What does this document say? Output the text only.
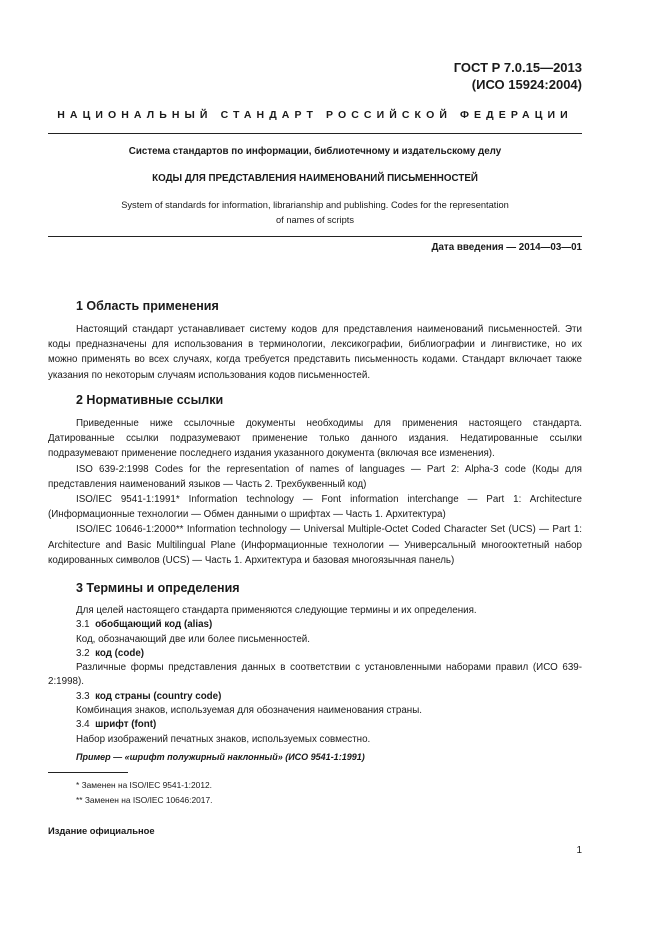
ГОСТ Р 7.0.15—2013
(ИСО 15924:2004)
НАЦИОНАЛЬНЫЙ СТАНДАРТ РОССИЙСКОЙ ФЕДЕРАЦИИ
Система стандартов по информации, библиотечному и издательскому делу
КОДЫ ДЛЯ ПРЕДСТАВЛЕНИЯ НАИМЕНОВАНИЙ ПИСЬМЕННОСТЕЙ
System of standards for information, librarianship and publishing. Codes for the representation
of names of scripts
Дата введения — 2014—03—01
1 Область применения

Настоящий стандарт устанавливает систему кодов для представления наименований письменностей. Эти коды предназначены для использования в терминологии, лексикографии, библиографии и лингвистике, но их можно применять во всех случаях, когда требуется представить письменность кодами. Стандарт включает также указания по некоторым случаям использования кодов письменностей.

2 Нормативные ссылки

Приведенные ниже ссылочные документы необходимы для применения настоящего стандарта. Датированные ссылки подразумевают применение только данного издания. Недатированные ссылки подразумевают применение последнего издания указанного документа (включая все изменения).

ISO 639-2:1998 Codes for the representation of names of languages — Part 2: Alpha-3 code (Коды для представления наименований языков — Часть 2. Трехбуквенный код)

ISO/IEC 9541-1:1991* Information technology — Font information interchange — Part 1: Architecture (Информационные технологии — Обмен данными о шрифтах — Часть 1. Архитектура)

ISO/IEC 10646-1:2000** Information technology — Universal Multiple-Octet Coded Character Set (UCS) — Part 1: Architecture and Basic Multilingual Plane (Информационные технологии — Универсальный многооктетный набор кодированных символов (UCS) — Часть 1. Архитектура и базовая многоязычная панель)

3 Термины и определения

Для целей настоящего стандарта применяются следующие термины и их определения.

3.1 обобщающий код (alias)

Код, обозначающий две или более письменностей.

3.2 код (code)

Различные формы представления данных в соответствии с установленными наборами правил (ИСО 639-2:1998).

3.3 код страны (country code)

Комбинация знаков, используемая для обозначения наименования страны.

3.4 шрифт (font)

Набор изображений печатных знаков, используемых совместно.

Пример — «шрифт полужирный наклонный» (ИСО 9541-1:1991)

* Заменен на ISO/IEC 9541-1:2012.
** Заменен на ISO/IEC 10646:2017.
Издание официальное
1
